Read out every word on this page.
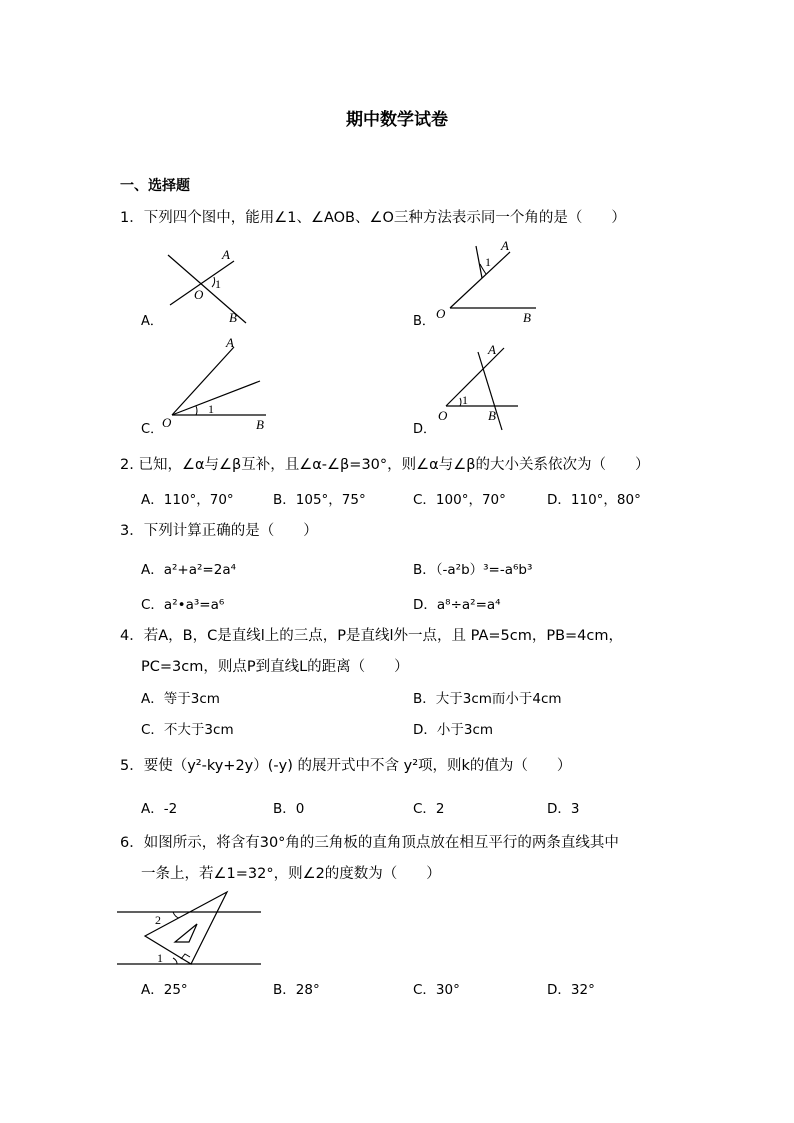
期中数学试卷
一、选择题
1．下列四个图中，能用∠1、∠AOB、∠O三种方法表示同一个角的是（　　）
A
1
O
B
A．
A
1
O	B
B．
A
1
O	B
C．
A
1
O	B
D．
2. 已知，∠α与∠β互补，且∠α-∠β=30°，则∠α与∠β的大小关系依次为（　　）
A．110°，70°	B．105°，75°	C．100°，70°	D．110°，80°
3．下列计算正确的是（　　）
A．a²+a²=2a⁴	B．（-a²b）³=-a⁶b³
C．a²•a³=a⁶	D．a⁸÷a²=a⁴
4．若A，B，C是直线l上的三点，P是直线l外一点，且 PA=5cm，PB=4cm，
PC=3cm，则点P到直线L的距离（　　）
A．等于3cm	B．大于3cm而小于4cm
C．不大于3cm	D．小于3cm
5．要使（y²-ky+2y）(-y) 的展开式中不含 y²项，则k的值为（　　）
A．-2	B．0	C．2	D．3
6．如图所示，将含有30°角的三角板的直角顶点放在相互平行的两条直线其中
一条上，若∠1=32°，则∠2的度数为（　　）
2
1
A．25°	B．28°	C．30°	D．32°
